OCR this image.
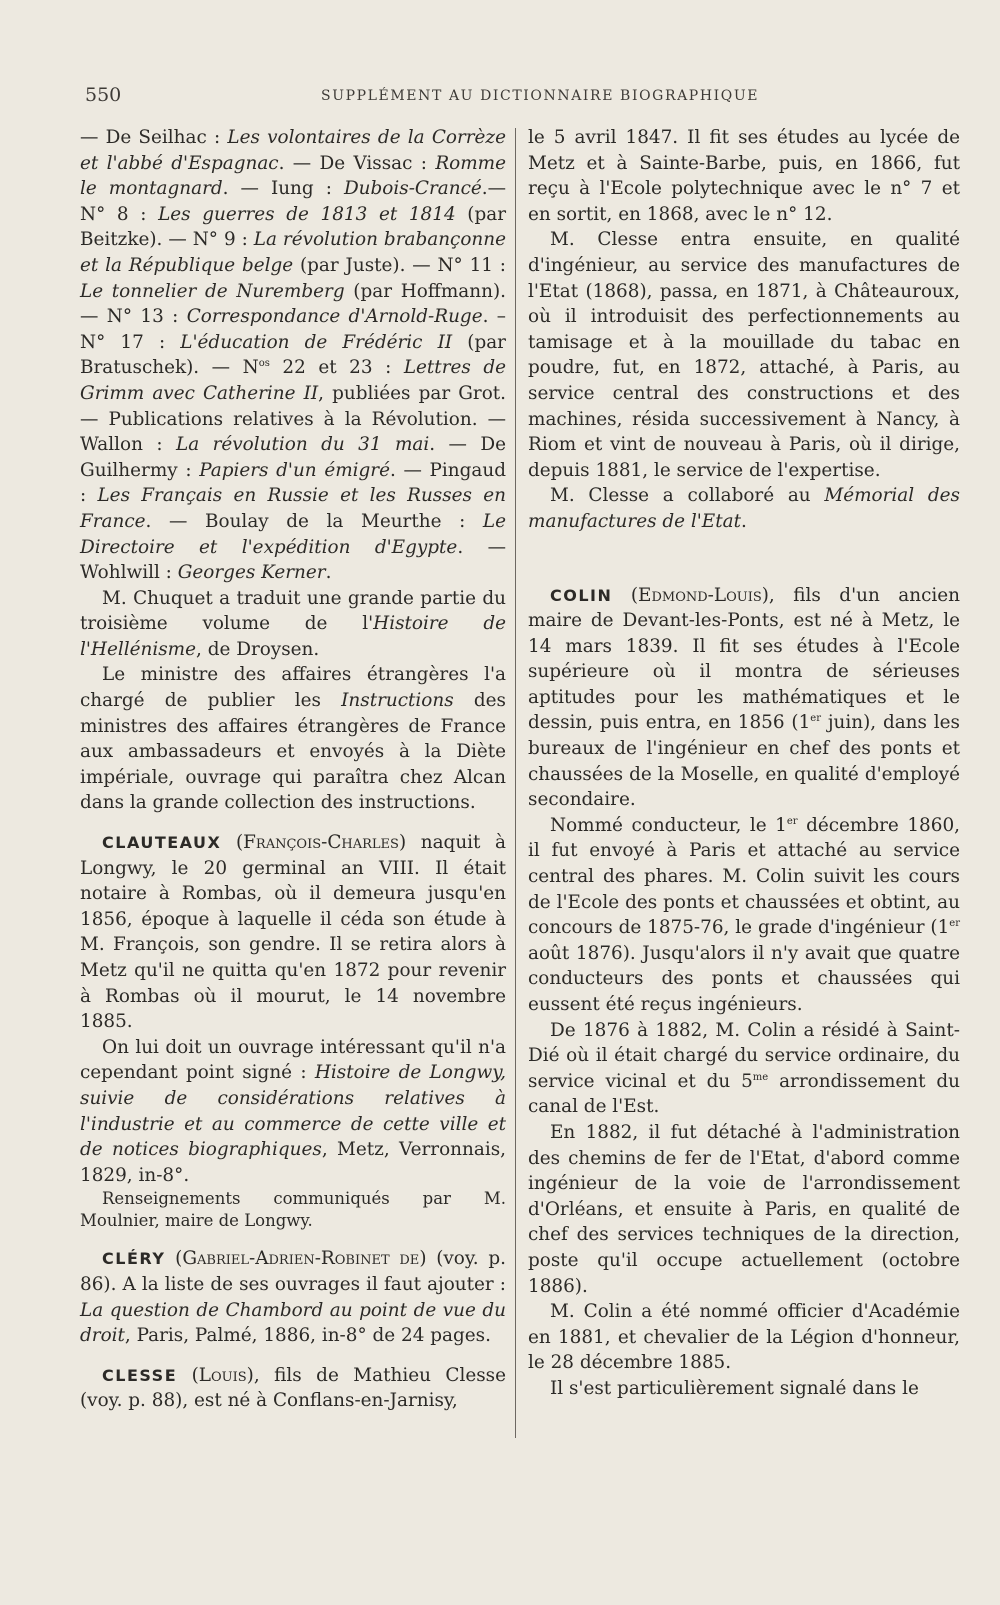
550	SUPPLÉMENT AU DICTIONNAIRE BIOGRAPHIQUE

— De Seilhac : Les volontaires de la Corrèze et l'abbé d'Espagnac. — De Vissac : Romme le montagnard. — Iung : Dubois-Crancé.— N° 8 : Les guerres de 1813 et 1814 (par Beitzke). — N° 9 : La révolution brabançonne et la République belge (par Juste). — N° 11 : Le tonnelier de Nuremberg (par Hoffmann). — N° 13 : Correspondance d'Arnold-Ruge. – N° 17 : L'éducation de Frédéric II (par Bratuschek). — $N^{os}$ 22 et 23 : Lettres de Grimm avec Catherine II, publiées par Grot. — Publications relatives à la Révolution. — Wallon : La révolution du 31 mai. — De Guilhermy : Papiers d'un émigré. — Pingaud : Les Français en Russie et les Russes en France. — Boulay de la Meurthe : Le Directoire et l'expédition d'Egypte. — Wohlwill : Georges Kerner.

M. Chuquet a traduit une grande partie du troisième volume de l'Histoire de l'Hellénisme, de Droysen.

Le ministre des affaires étrangères l'a chargé de publier les Instructions des ministres des affaires étrangères de France aux ambassadeurs et envoyés à la Diète impériale, ouvrage qui paraîtra chez Alcan dans la grande collection des instructions.

CLAUTEAUX (François-Charles) naquit à Longwy, le 20 germinal an VIII. Il était notaire à Rombas, où il demeura jusqu'en 1856, époque à laquelle il céda son étude à M. François, son gendre. Il se retira alors à Metz qu'il ne quitta qu'en 1872 pour revenir à Rombas où il mourut, le 14 novembre 1885.

On lui doit un ouvrage intéressant qu'il n'a cependant point signé : Histoire de Longwy, suivie de considérations relatives à l'industrie et au commerce de cette ville et de notices biographiques, Metz, Verronnais, 1829, in-8°.

Renseignements communiqués par M. Moulnier, maire de Longwy.

CLÉRY (Gabriel-Adrien-Robinet de) (voy. p. 86). A la liste de ses ouvrages il faut ajouter : La question de Chambord au point de vue du droit, Paris, Palmé, 1886, in-8° de 24 pages.

CLESSE (Louis), fils de Mathieu Clesse (voy. p. 88), est né à Conflans-en-Jarnisy,

le 5 avril 1847. Il fit ses études au lycée de Metz et à Sainte-Barbe, puis, en 1866, fut reçu à l'Ecole polytechnique avec le n° 7 et en sortit, en 1868, avec le n° 12.

M. Clesse entra ensuite, en qualité d'ingénieur, au service des manufactures de l'Etat (1868), passa, en 1871, à Châteauroux, où il introduisit des perfectionnements au tamisage et à la mouillade du tabac en poudre, fut, en 1872, attaché, à Paris, au service central des constructions et des machines, résida successivement à Nancy, à Riom et vint de nouveau à Paris, où il dirige, depuis 1881, le service de l'expertise.

M. Clesse a collaboré au Mémorial des manufactures de l'Etat.

COLIN (Edmond-Louis), fils d'un ancien maire de Devant-les-Ponts, est né à Metz, le 14 mars 1839. Il fit ses études à l'Ecole supérieure où il montra de sérieuses aptitudes pour les mathématiques et le dessin, puis entra, en 1856 (1er juin), dans les bureaux de l'ingénieur en chef des ponts et chaussées de la Moselle, en qualité d'employé secondaire.

Nommé conducteur, le 1er décembre 1860, il fut envoyé à Paris et attaché au service central des phares. M. Colin suivit les cours de l'Ecole des ponts et chaussées et obtint, au concours de 1875-76, le grade d'ingénieur (1er août 1876). Jusqu'alors il n'y avait que quatre conducteurs des ponts et chaussées qui eussent été reçus ingénieurs.

De 1876 à 1882, M. Colin a résidé à Saint-Dié où il était chargé du service ordinaire, du service vicinal et du $5^{me}$ arrondissement du canal de l'Est.

En 1882, il fut détaché à l'administration des chemins de fer de l'Etat, d'abord comme ingénieur de la voie de l'arrondissement d'Orléans, et ensuite à Paris, en qualité de chef des services techniques de la direction, poste qu'il occupe actuellement (octobre 1886).

M. Colin a été nommé officier d'Académie en 1881, et chevalier de la Légion d'honneur, le 28 décembre 1885.

Il s'est particulièrement signalé dans le
